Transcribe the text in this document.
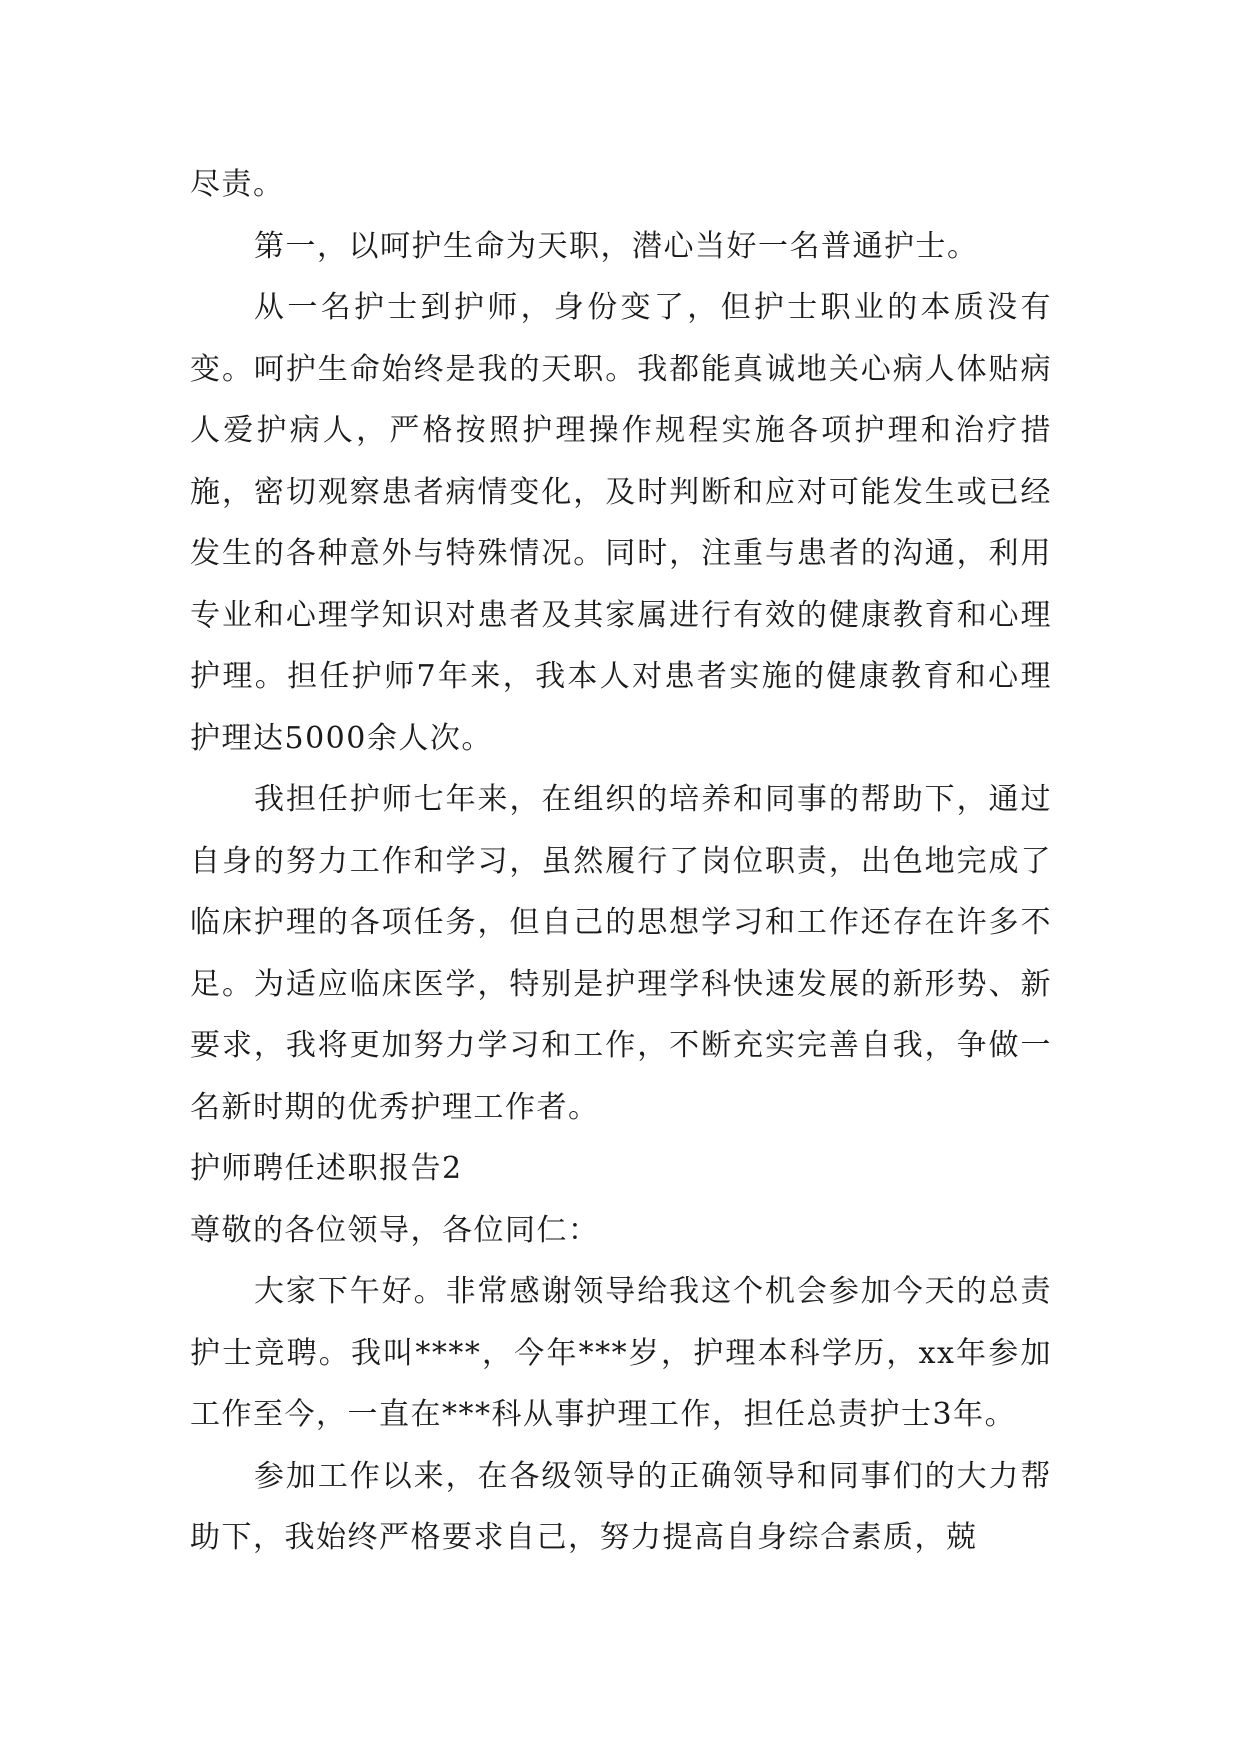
尽责。

第一，以呵护生命为天职，潜心当好一名普通护士。

从一名护士到护师，身份变了，但护士职业的本质没有变。呵护生命始终是我的天职。我都能真诚地关心病人体贴病人爱护病人，严格按照护理操作规程实施各项护理和治疗措施，密切观察患者病情变化，及时判断和应对可能发生或已经发生的各种意外与特殊情况。同时，注重与患者的沟通，利用专业和心理学知识对患者及其家属进行有效的健康教育和心理护理。担任护师7年来，我本人对患者实施的健康教育和心理护理达5000余人次。

我担任护师七年来，在组织的培养和同事的帮助下，通过自身的努力工作和学习，虽然履行了岗位职责，出色地完成了临床护理的各项任务，但自己的思想学习和工作还存在许多不足。为适应临床医学，特别是护理学科快速发展的新形势、新要求，我将更加努力学习和工作，不断充实完善自我，争做一名新时期的优秀护理工作者。

护师聘任述职报告2

尊敬的各位领导，各位同仁：

大家下午好。非常感谢领导给我这个机会参加今天的总责护士竞聘。我叫****，今年***岁，护理本科学历，xx年参加工作至今，一直在***科从事护理工作，担任总责护士3年。

参加工作以来，在各级领导的正确领导和同事们的大力帮助下，我始终严格要求自己，努力提高自身综合素质，兢
